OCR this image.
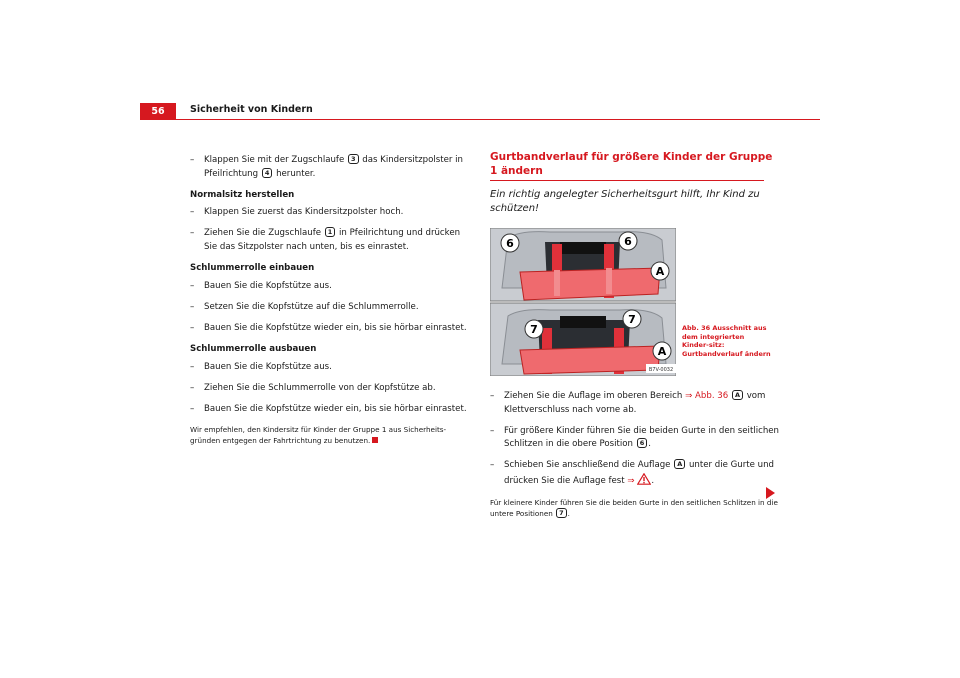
56	Sicherheit von Kindern
– Klappen Sie mit der Zugschlaufe 3 das Kindersitzpolster in Pfeilrichtung 4 herunter.
Normalsitz herstellen
– Klappen Sie zuerst das Kindersitzpolster hoch.
– Ziehen Sie die Zugschlaufe 1 in Pfeilrichtung und drücken Sie das Sitzpolster nach unten, bis es einrastet.
Schlummerrolle einbauen
– Bauen Sie die Kopfstütze aus.
– Setzen Sie die Kopfstütze auf die Schlummerrolle.
– Bauen Sie die Kopfstütze wieder ein, bis sie hörbar einrastet.
Schlummerrolle ausbauen
– Bauen Sie die Kopfstütze aus.
– Ziehen Sie die Schlummerrolle von der Kopfstütze ab.
– Bauen Sie die Kopfstütze wieder ein, bis sie hörbar einrastet.
Wir empfehlen, den Kindersitz für Kinder der Gruppe 1 aus Sicherheits-gründen entgegen der Fahrtrichtung zu benutzen.
Gurtbandverlauf für größere Kinder der Gruppe 1 ändern
Ein richtig angelegter Sicherheitsgurt hilft, Ihr Kind zu schützen!
6	6
A
7
7
A
B7V-0032
– Ziehen Sie die Auflage im oberen Bereich ⇒ Abb. 36 A vom Klettverschluss nach vorne ab.
– Für größere Kinder führen Sie die beiden Gurte in den seitlichen Schlitzen in die obere Position 6 .
– Schieben Sie anschließend die Auflage A unter die Gurte und drücken Sie die Auflage fest ⇒ .
Für kleinere Kinder führen Sie die beiden Gurte in den seitlichen Schlitzen in die untere Positionen 7 .
Abb. 36 Ausschnitt aus dem integrierten Kinder-sitz: Gurtbandverlauf ändern
